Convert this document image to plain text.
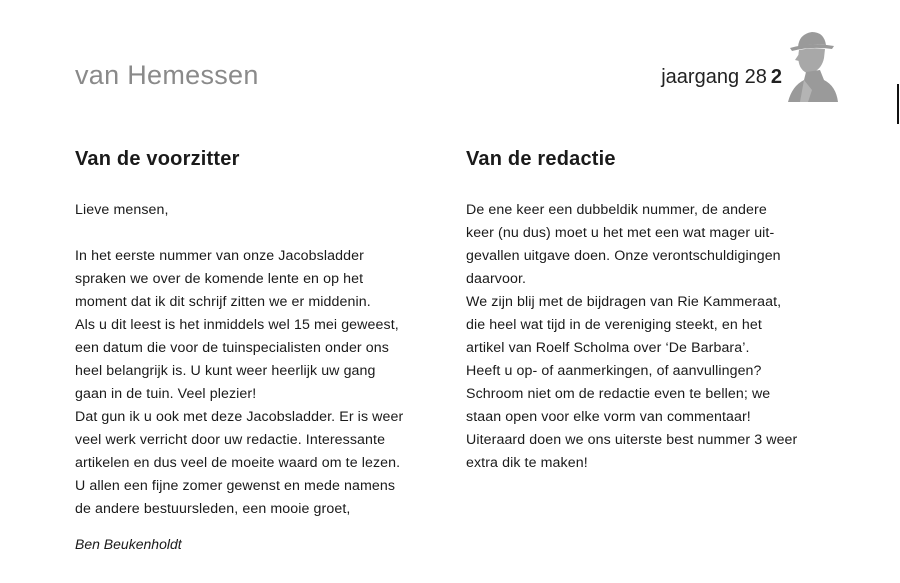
van Hemessen	jaargang 28 2
Van de voorzitter
Lieve mensen,
In het eerste nummer van onze Jacobsladder
spraken we over de komende lente en op het
moment dat ik dit schrijf zitten we er middenin.
Als u dit leest is het inmiddels wel 15 mei geweest,
een datum die voor de tuinspecialisten onder ons
heel belangrijk is. U kunt weer heerlijk uw gang
gaan in de tuin. Veel plezier!
Dat gun ik u ook met deze Jacobsladder. Er is weer
veel werk verricht door uw redactie. Interessante
artikelen en dus veel de moeite waard om te lezen.
U allen een fijne zomer gewenst en mede namens
de andere bestuursleden, een mooie groet,
Ben Beukenholdt
Van de redactie
De ene keer een dubbeldik nummer, de andere
keer (nu dus) moet u het met een wat mager uit-
gevallen uitgave doen. Onze verontschuldigingen
daarvoor.
We zijn blij met de bijdragen van Rie Kammeraat,
die heel wat tijd in de vereniging steekt, en het
artikel van Roelf Scholma over ‘De Barbara’.
Heeft u op- of aanmerkingen, of aanvullingen?
Schroom niet om de redactie even te bellen; we
staan open voor elke vorm van commentaar!
Uiteraard doen we ons uiterste best nummer 3 weer
extra dik te maken!
